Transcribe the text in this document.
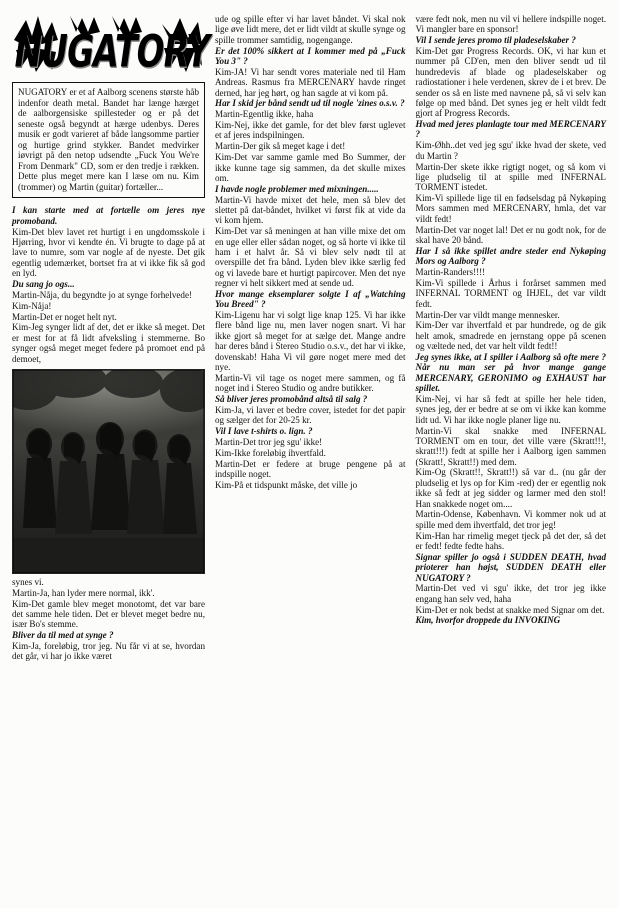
NUGATORY
NUGATORY er et af Aalborg scenens største håb indenfor death metal. Bandet har længe hærget de aalborgensiske spillesteder og er på det seneste også begyndt at hærge udenbys. Deres musik er godt varieret af både langsomme partier og hurtige grind stykker. Bandet medvirker iøvrigt på den netop udsendte „Fuck You We're From Denmark" CD, som er den tredje i rækken. Dette plus meget mere kan I læse om nu. Kim (trommer) og Martin (guitar) fortæller...

I kan starte med at fortælle om jeres nye promoband.

Kim-Det blev lavet ret hurtigt i en ungdomsskole i Hjørring, hvor vi kendte én. Vi brugte to dage på at lave to numre, som var nogle af de nyeste. Det gik egentlig udemærket, bortset fra at vi ikke fik så god en lyd.

Du sang jo ogs...

Martin-Nåja, du begyndte jo at synge forhelvede!

Kim-Nåja!

Martin-Det er noget helt nyt.

Kim-Jeg synger lidt af det, det er ikke så meget. Det er mest for at få lidt afveksling i stemmerne. Bo synger også meget meget federe på promoet end på demoet,

synes vi.

Martin-Ja, han lyder mere normal, ikk'.

Kim-Det gamle blev meget monotomt, det var bare det samme hele tiden. Det er blevet meget bedre nu, især Bo's stemme.

Bliver da til med at synge ?

Kim-Ja, foreløbig, tror jeg. Nu får vi at se, hvordan det går, vi har jo ikke været

ude og spille efter vi har lavet båndet. Vi skal nok lige øve lidt mere, det er lidt vildt at skulle synge og spille trommer samtidig, nogengange.

Er det 100% sikkert at I kommer med på „Fuck You 3" ?

Kim-JA! Vi har sendt vores materiale ned til Ham Andreas. Rasmus fra MERCENARY havde ringet derned, har jeg hørt, og han sagde at vi kom på.

Har I skid jer bånd sendt ud til nogle 'zines o.s.v. ?

Martin-Egentlig ikke, haha

Kim-Nej, ikke det gamle, for det blev først uglevet et af jeres indspilningen.

Martin-Der gik så meget kage i det!

Kim-Det var samme gamle med Bo Summer, der ikke kunne tage sig sammen, da det skulle mixes om.

I havde nogle problemer med mixningen.....

Martin-Vi havde mixet det hele, men så blev det slettet på dat-båndet, hvilket vi først fik at vide da vi kom hjem.

Kim-Det var så meningen at han ville mixe det om en uge eller eller sådan noget, og så horte vi ikke til ham i et halvt år. Så vi blev selv nødt til at overspille det fra bånd. Lyden blev ikke særlig fed og vi lavede bare et hurtigt papircover. Men det nye regner vi helt sikkert med at sende ud.

Hvor mange eksemplarer solgte I af „Watching You Breed" ?

Kim-Ligenu har vi solgt lige knap 125. Vi har ikke flere bånd lige nu, men laver nogen snart. Vi har ikke gjort så meget for at sælge det. Mange andre har deres bånd i Stereo Studio o.s.v., det har vi ikke, dovenskab! Haha Vi vil gøre noget mere med det nye.

Martin-Vi vil tage os noget mere sammen, og få noget ind i Stereo Studio og andre butikker.

Så bliver jeres promobånd altså til salg ?

Kim-Ja, vi laver et bedre cover, istedet for det papir og sælger det for 20-25 kr.

Vil I lave t-shirts o. lign. ?

Martin-Det tror jeg sgu' ikke!

Kim-Ikke foreløbig ihvertfald.

Martin-Det er federe at bruge pengene på at indspille noget.

Kim-På et tidspunkt måske, det ville jo

være fedt nok, men nu vil vi hellere indspille noget. Vi mangler bare en sponsor!

Vil I sende jeres promo til pladeselskaber ?

Kim-Det gør Progress Records. OK, vi har kun et nummer på CD'en, men den bliver sendt ud til hundredevis af blade og pladeselskaber og radiostationer i hele verdenen, skrev de i et brev. De sender os så en liste med navnene på, så vi selv kan følge op med bånd. Det synes jeg er helt vildt fedt gjort af Progress Records.

Hvad med jeres planlagte tour med MERCENARY ?

Kim-Øhh..det ved jeg sgu' ikke hvad der skete, ved du Martin ?

Martin-Der skete ikke rigtigt noget, og så kom vi lige pludselig til at spille med INFERNAL TORMENT istedet.

Kim-Vi spillede lige til en fødselsdag på Nykøping Mors sammen med MERCENARY, hmla, det var vildt fedt!

Martin-Det var noget lal! Det er nu godt nok, for de skal have 20 bånd.

Har I så ikke spillet andre steder end Nykøping Mors og Aalborg ?

Martin-Randers!!!!

Kim-Vi spillede i Århus i forårset sammen med INFERNAL TORMENT og IHJEL, det var vildt fedt.

Martin-Der var vildt mange mennesker.

Kim-Der var ihvertfald et par hundrede, og de gik helt amok, smadrede en jernstang oppe på scenen og væltede ned, det var helt vildt fedt!!

Jeg synes ikke, at I spiller i Aalborg så ofte mere ? Når nu man ser på hvor mange gange MERCENARY, GERONIMO og EXHAUST har spillet.

Kim-Nej, vi har så fedt at spille her hele tiden, synes jeg, der er bedre at se om vi ikke kan komme lidt ud. Vi har ikke nogle planer lige nu.

Martin-Vi skal snakke med INFERNAL TORMENT om en tour, det ville være (Skratt!!!, skratt!!!) fedt at spille her i Aalborg igen sammen (Skratt!, Skratt!!) med dem.

Kim-Og (Skratt!!, Skratt!!) så var d.. (nu går der pludselig et lys op for Kim -red) der er egentlig nok ikke så fedt at jeg sidder og larmer med den stol! Han snakkede noget om....

Martin-Odense, København. Vi kommer nok ud at spille med dem ihvertfald, det tror jeg!

Kim-Han har rimelig meget tjeck på det der, så det er fedt! fedte fedte hahs.

Signar spiller jo også i SUDDEN DEATH, hvad prioterer han højst, SUDDEN DEATH eller NUGATORY ?

Martin-Det ved vi sgu' ikke, det tror jeg ikke engang han selv ved, haha

Kim-Det er nok bedst at snakke med Signar om det.

Kim, hvorfor droppede du INVOKING
